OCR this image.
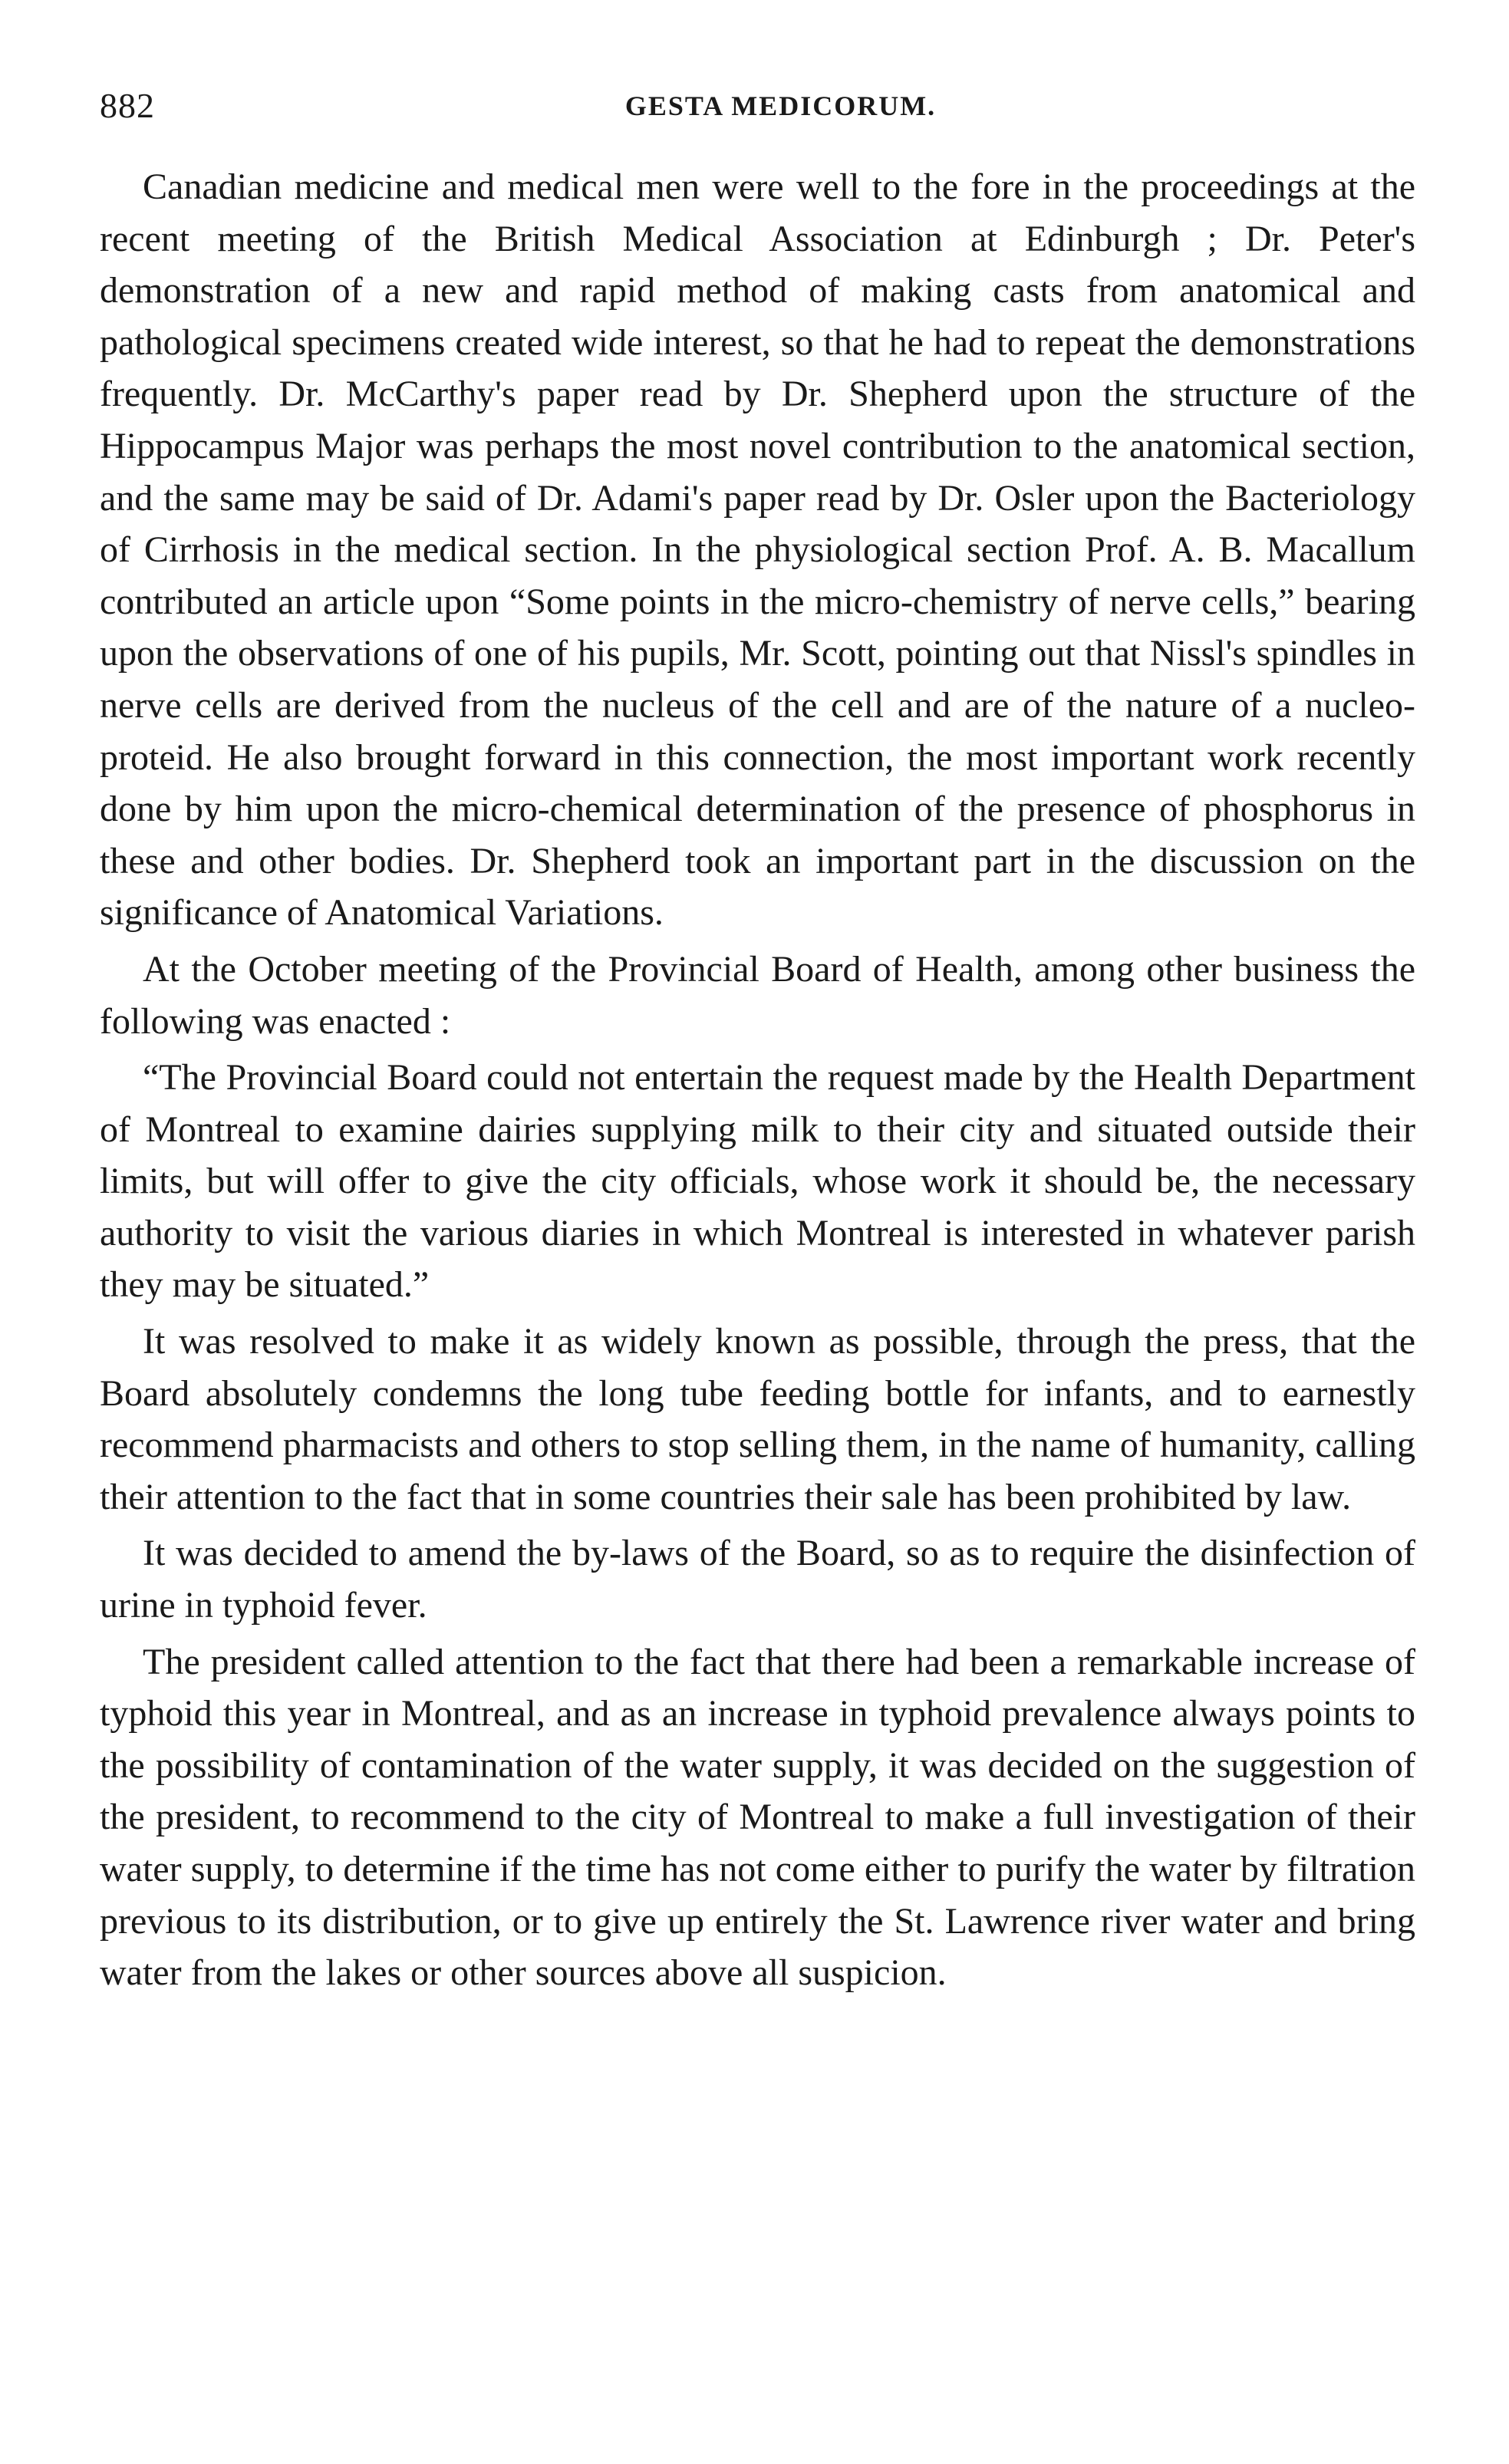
882	GESTA MEDICORUM.

Canadian medicine and medical men were well to the fore in the proceedings at the recent meeting of the British Medical Association at Edinburgh ; Dr. Peter's demonstration of a new and rapid method of making casts from anatomical and pathological specimens created wide interest, so that he had to repeat the demonstrations frequently. Dr. McCarthy's paper read by Dr. Shepherd upon the structure of the Hippocampus Major was perhaps the most novel contribution to the anatomical section, and the same may be said of Dr. Adami's paper read by Dr. Osler upon the Bacteriology of Cirrhosis in the medical section. In the physiological section Prof. A. B. Macallum contributed an article upon “Some points in the micro-chemistry of nerve cells,” bearing upon the observations of one of his pupils, Mr. Scott, pointing out that Nissl's spindles in nerve cells are derived from the nucleus of the cell and are of the nature of a nucleo-proteid. He also brought forward in this connection, the most important work recently done by him upon the micro-chemical determination of the presence of phosphorus in these and other bodies. Dr. Shepherd took an important part in the discussion on the significance of Anatomical Variations.

At the October meeting of the Provincial Board of Health, among other business the following was enacted :

“The Provincial Board could not entertain the request made by the Health Department of Montreal to examine dairies supplying milk to their city and situated outside their limits, but will offer to give the city officials, whose work it should be, the necessary authority to visit the various diaries in which Montreal is interested in whatever parish they may be situated.”

It was resolved to make it as widely known as possible, through the press, that the Board absolutely condemns the long tube feeding bottle for infants, and to earnestly recommend pharmacists and others to stop selling them, in the name of humanity, calling their attention to the fact that in some countries their sale has been prohibited by law.

It was decided to amend the by-laws of the Board, so as to require the disinfection of urine in typhoid fever.

The president called attention to the fact that there had been a remarkable increase of typhoid this year in Montreal, and as an increase in typhoid prevalence always points to the possibility of contamination of the water supply, it was decided on the suggestion of the president, to recommend to the city of Montreal to make a full investigation of their water supply, to determine if the time has not come either to purify the water by filtration previous to its distribution, or to give up entirely the St. Lawrence river water and bring water from the lakes or other sources above all suspicion.
